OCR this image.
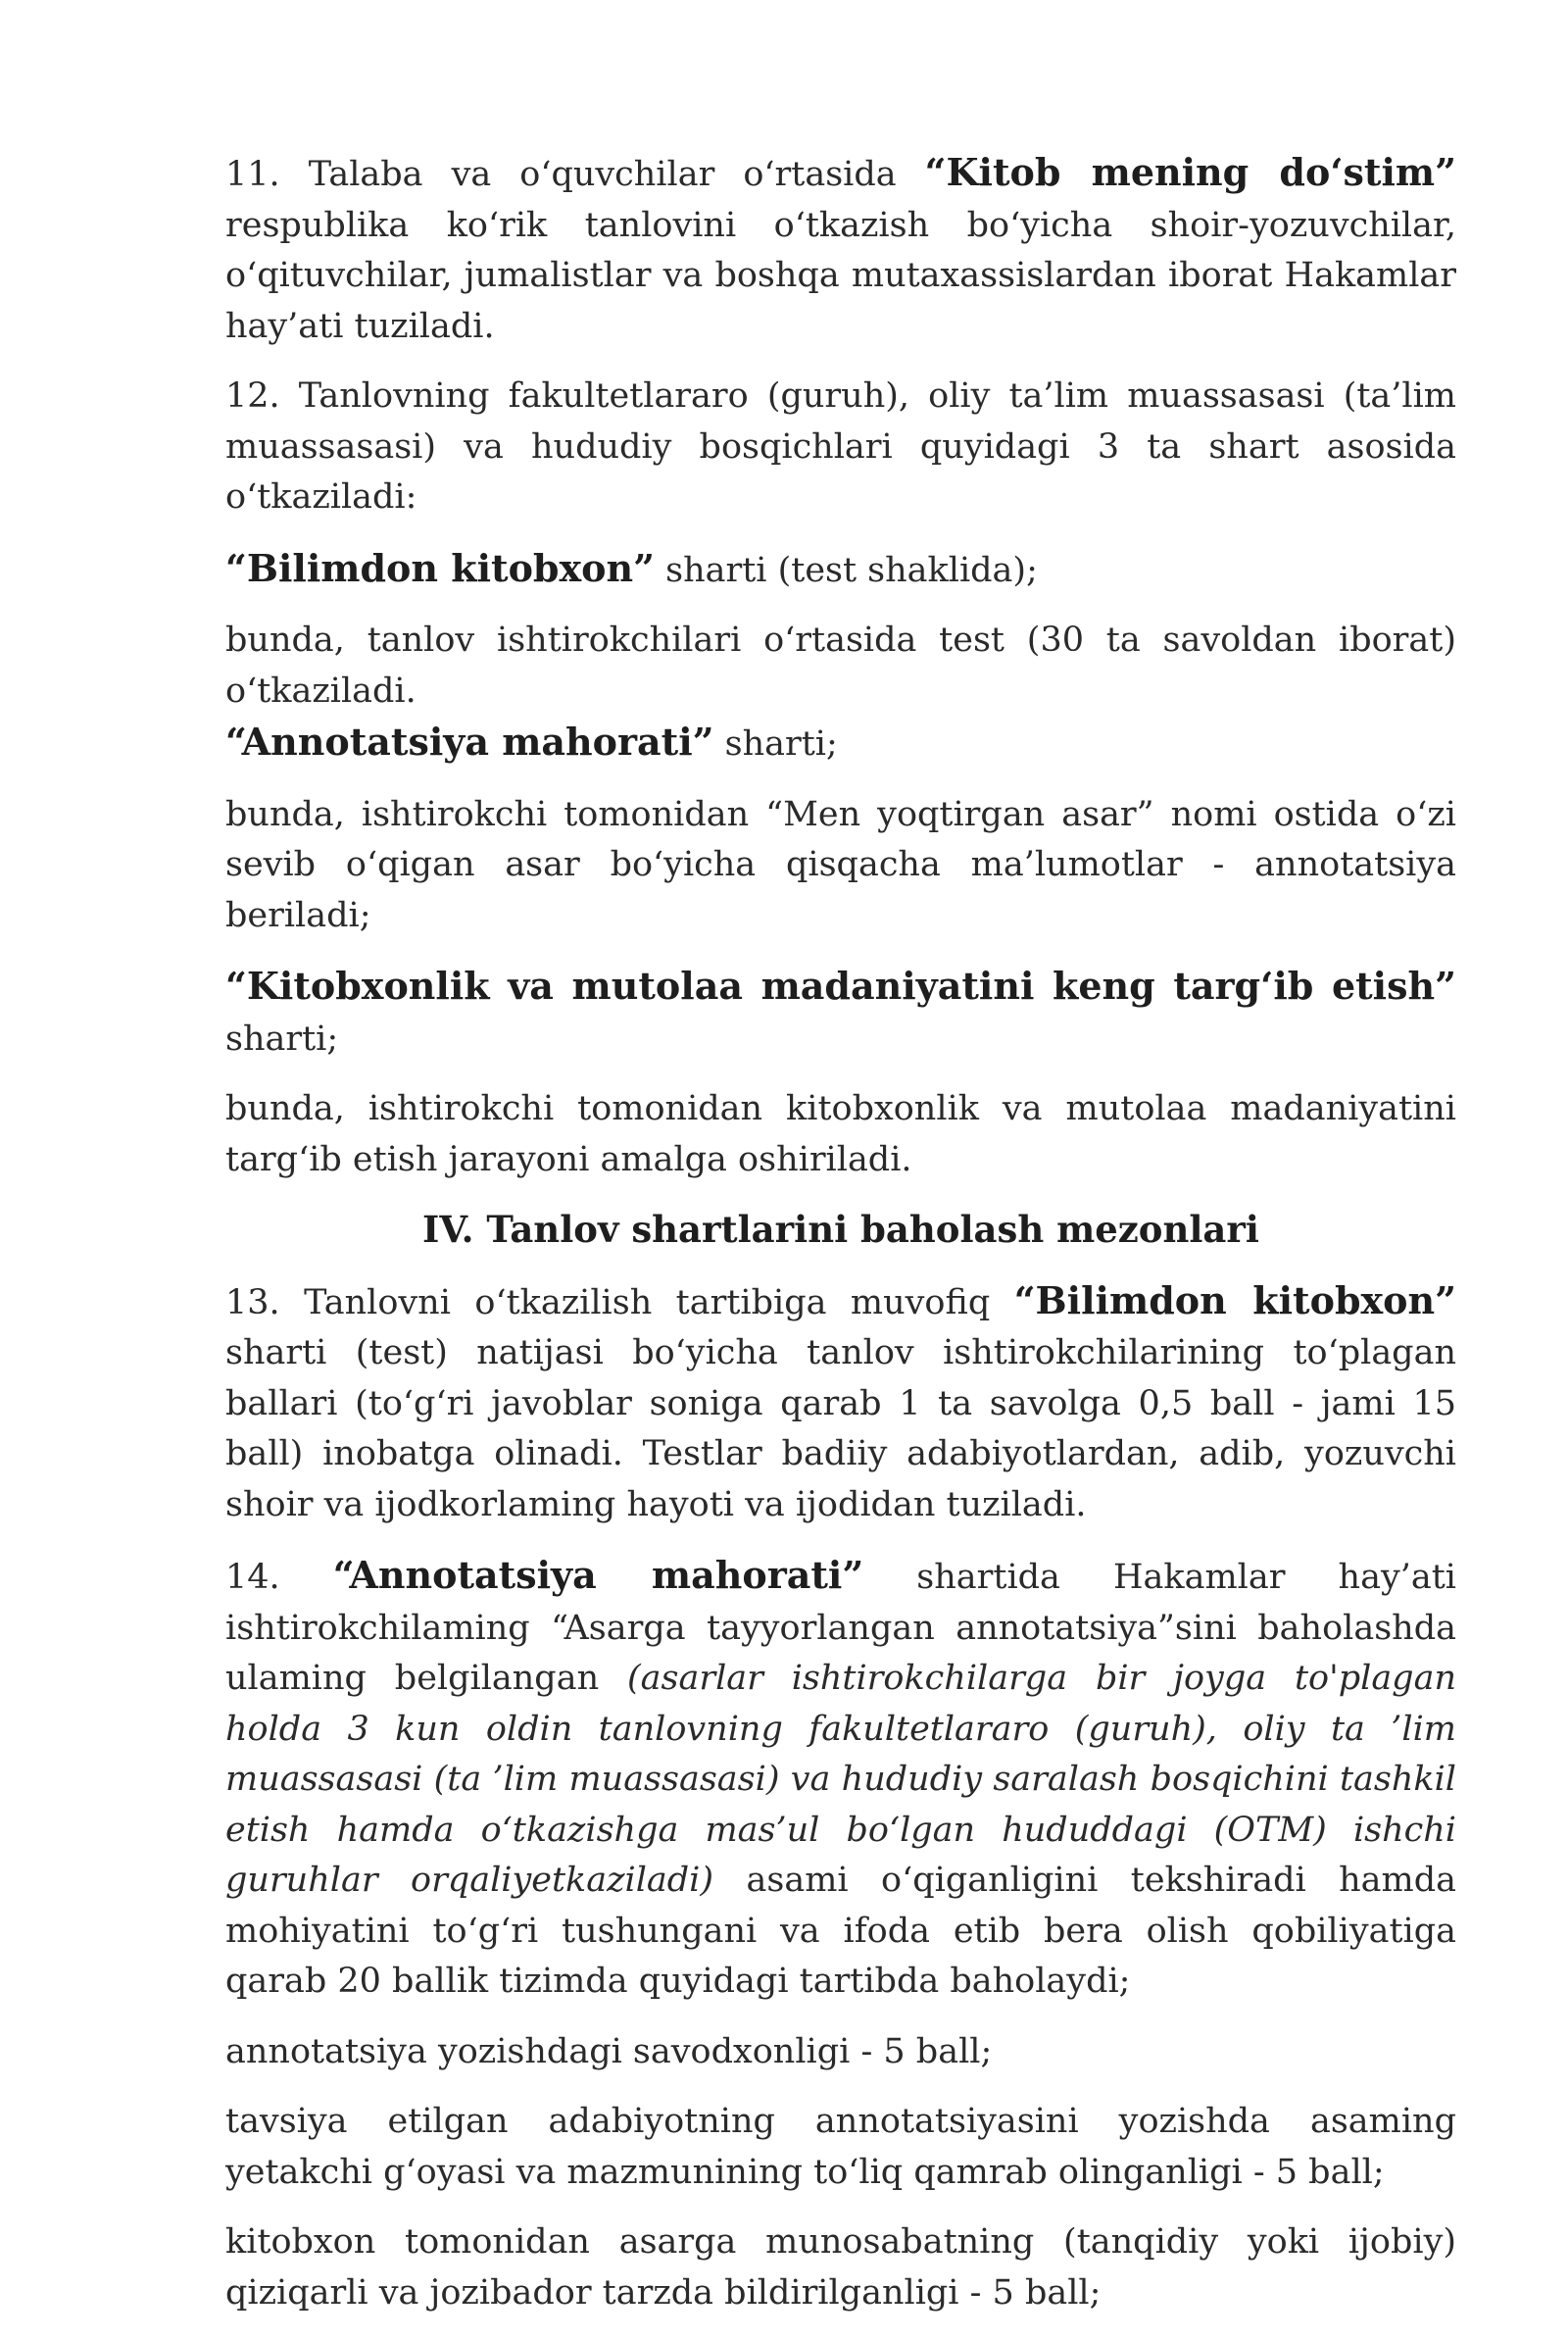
11. Talaba va o‘quvchilar o‘rtasida “Kitob mening do‘stim” respublika ko‘rik tanlovini o‘tkazish bo‘yicha shoir-yozuvchilar, o‘qituvchilar, jumalistlar va boshqa mutaxassislardan iborat Hakamlar hay’ati tuziladi.

12. Tanlovning fakultetlararo (guruh), oliy ta’lim muassasasi (ta’lim muassasasi) va hududiy bosqichlari quyidagi 3 ta shart asosida o‘tkaziladi:

“Bilimdon kitobxon” sharti (test shaklida);

bunda, tanlov ishtirokchilari o‘rtasida test (30 ta savoldan iborat) o‘tkaziladi.

“Annotatsiya mahorati” sharti;

bunda, ishtirokchi tomonidan “Men yoqtirgan asar” nomi ostida o‘zi sevib o‘qigan asar bo‘yicha qisqacha ma’lumotlar - annotatsiya beriladi;

“Kitobxonlik va mutolaa madaniyatini keng targ‘ib etish” sharti;

bunda, ishtirokchi tomonidan kitobxonlik va mutolaa madaniyatini targ‘ib etish jarayoni amalga oshiriladi.

IV. Tanlov shartlarini baholash mezonlari

13. Tanlovni o‘tkazilish tartibiga muvofiq “Bilimdon kitobxon” sharti (test) natijasi bo‘yicha tanlov ishtirokchilarining to‘plagan ballari (to‘g‘ri javoblar soniga qarab 1 ta savolga 0,5 ball - jami 15 ball) inobatga olinadi. Testlar badiiy adabiyotlardan, adib, yozuvchi shoir va ijodkorlaming hayoti va ijodidan tuziladi.

14. “Annotatsiya mahorati” shartida Hakamlar hay’ati ishtirokchilaming “Asarga tayyorlangan annotatsiya”sini baholashda ulaming belgilangan (asarlar ishtirokchilarga bir joyga to'plagan holda 3 kun oldin tanlovning fakultetlararo (guruh), oliy ta ’lim muassasasi (ta ’lim muassasasi) va hududiy saralash bosqichini tashkil etish hamda o‘tkazishga mas’ul bo‘lgan hududdagi (OTM) ishchi guruhlar orqaliyetkaziladi) asami o‘qiganligini tekshiradi hamda mohiyatini to‘g‘ri tushungani va ifoda etib bera olish qobiliyatiga qarab 20 ballik tizimda quyidagi tartibda baholaydi;

annotatsiya yozishdagi savodxonligi - 5 ball;

tavsiya etilgan adabiyotning annotatsiyasini yozishda asaming yetakchi g‘oyasi va mazmunining to‘liq qamrab olinganligi - 5 ball;

kitobxon tomonidan asarga munosabatning (tanqidiy yoki ijobiy) qiziqarli va jozibador tarzda bildirilganligi - 5 ball;
